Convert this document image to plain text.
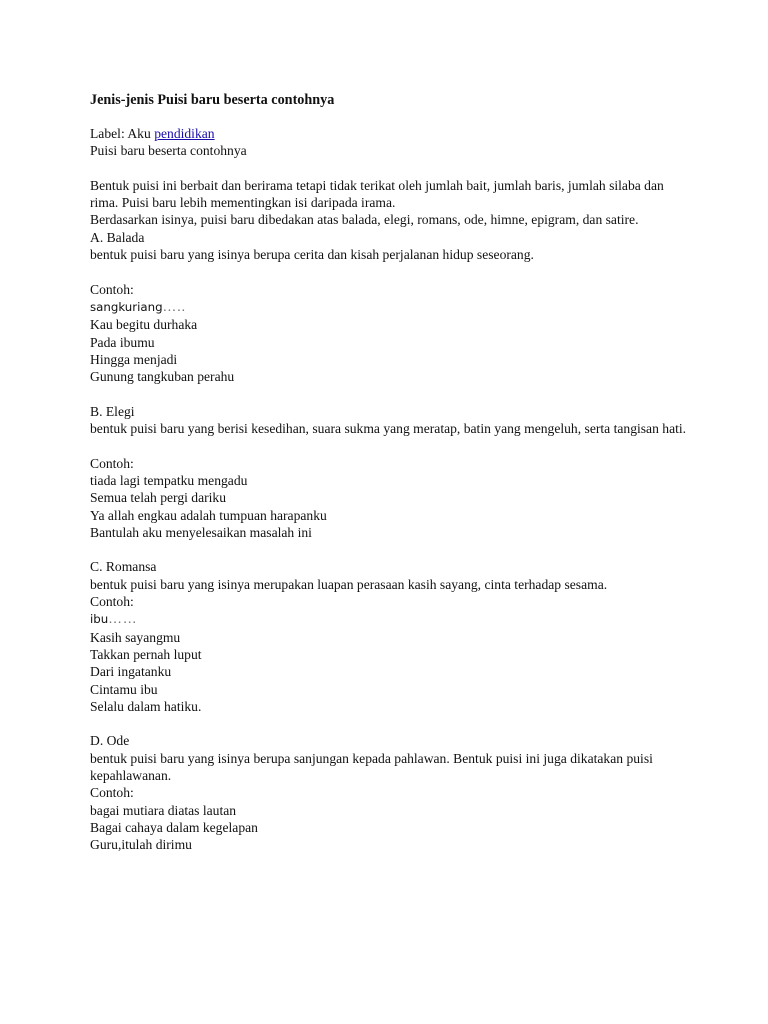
Jenis-jenis Puisi baru beserta contohnya
Label: Aku pendidikan
Puisi baru beserta contohnya
Bentuk puisi ini berbait dan berirama tetapi tidak terikat oleh jumlah bait, jumlah baris, jumlah silaba dan rima. Puisi baru lebih mementingkan isi daripada irama.
Berdasarkan isinya, puisi baru dibedakan atas balada, elegi, romans, ode, himne, epigram, dan satire.
A. Balada
bentuk puisi baru yang isinya berupa cerita dan kisah perjalanan hidup seseorang.
Contoh:
sangkuriang…..
Kau begitu durhaka
Pada ibumu
Hingga menjadi
Gunung tangkuban perahu
B. Elegi
bentuk puisi baru yang berisi kesedihan, suara sukma yang meratap, batin yang mengeluh, serta tangisan hati.
Contoh:
tiada lagi tempatku mengadu
Semua telah pergi dariku
Ya allah engkau adalah tumpuan harapanku
Bantulah aku menyelesaikan masalah ini
C. Romansa
bentuk puisi baru yang isinya merupakan luapan perasaan kasih sayang, cinta terhadap sesama.
Contoh:
ibu……
Kasih sayangmu
Takkan pernah luput
Dari ingatanku
Cintamu ibu
Selalu dalam hatiku.
D. Ode
bentuk puisi baru yang isinya berupa sanjungan kepada pahlawan. Bentuk puisi ini juga dikatakan puisi kepahlawanan.
Contoh:
bagai mutiara diatas lautan
Bagai cahaya dalam kegelapan
Guru,itulah dirimu
